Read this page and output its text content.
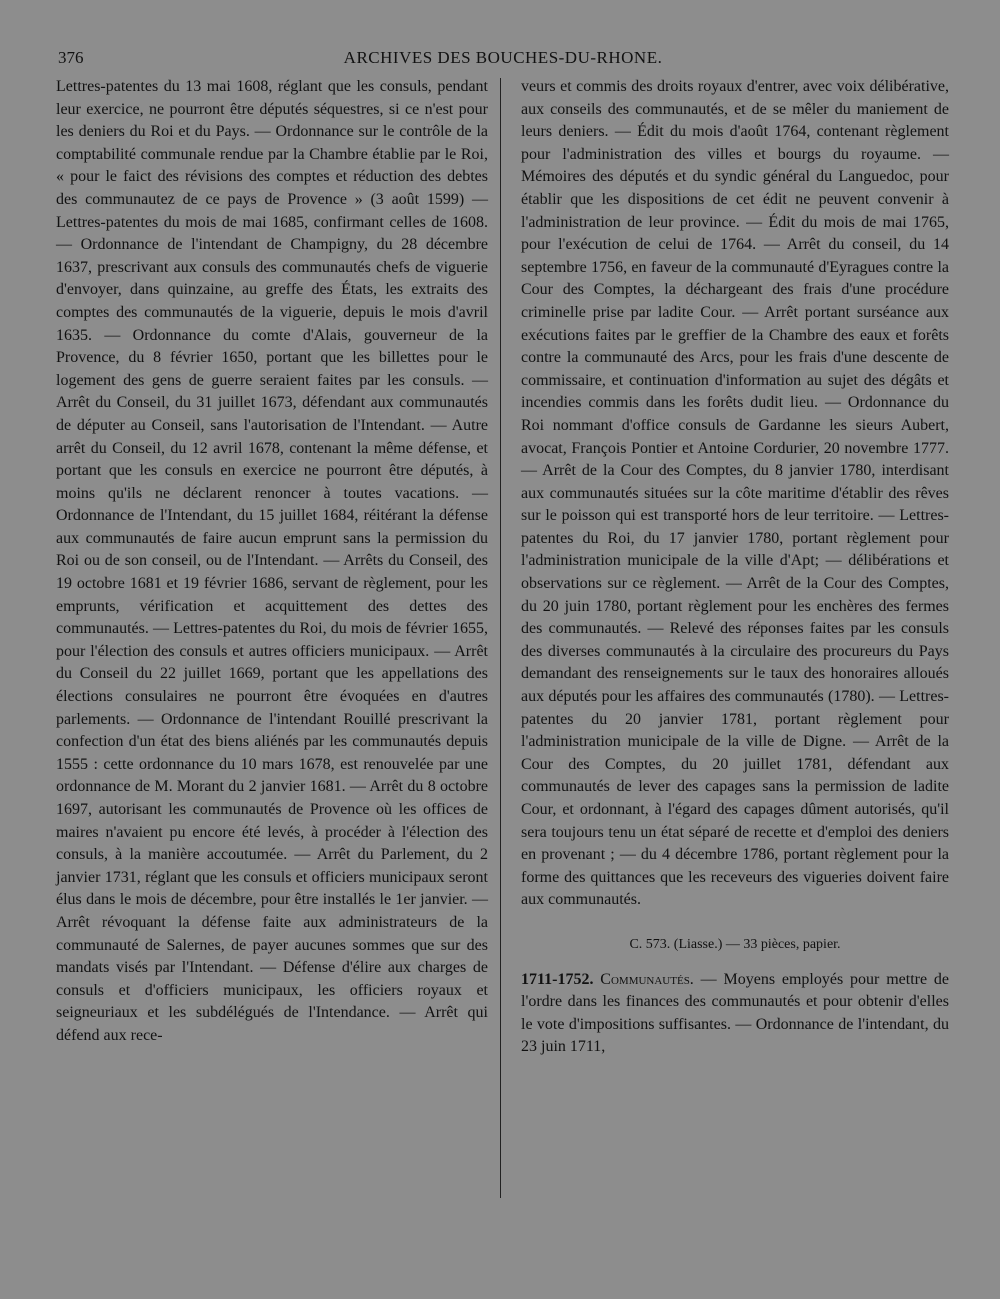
376	ARCHIVES DES BOUCHES-DU-RHONE.

Lettres-patentes du 13 mai 1608, réglant que les consuls, pendant leur exercice, ne pourront être députés séquestres, si ce n'est pour les deniers du Roi et du Pays. — Ordonnance sur le contrôle de la comptabilité communale rendue par la Chambre établie par le Roi, « pour le faict des révisions des comptes et réduction des debtes des communautez de ce pays de Provence » (3 août 1599) — Lettres-patentes du mois de mai 1685, confirmant celles de 1608. — Ordonnance de l'intendant de Champigny, du 28 décembre 1637, prescrivant aux consuls des communautés chefs de viguerie d'envoyer, dans quinzaine, au greffe des États, les extraits des comptes des communautés de la viguerie, depuis le mois d'avril 1635. — Ordonnance du comte d'Alais, gouverneur de la Provence, du 8 février 1650, portant que les billettes pour le logement des gens de guerre seraient faites par les consuls. — Arrêt du Conseil, du 31 juillet 1673, défendant aux communautés de députer au Conseil, sans l'autorisation de l'Intendant. — Autre arrêt du Conseil, du 12 avril 1678, contenant la même défense, et portant que les consuls en exercice ne pourront être députés, à moins qu'ils ne déclarent renoncer à toutes vacations. — Ordonnance de l'Intendant, du 15 juillet 1684, réitérant la défense aux communautés de faire aucun emprunt sans la permission du Roi ou de son conseil, ou de l'Intendant. — Arrêts du Conseil, des 19 octobre 1681 et 19 février 1686, servant de règlement, pour les emprunts, vérification et acquittement des dettes des communautés. — Lettres-patentes du Roi, du mois de février 1655, pour l'élection des consuls et autres officiers municipaux. — Arrêt du Conseil du 22 juillet 1669, portant que les appellations des élections consulaires ne pourront être évoquées en d'autres parlements. — Ordonnance de l'intendant Rouillé prescrivant la confection d'un état des biens aliénés par les communautés depuis 1555 : cette ordonnance du 10 mars 1678, est renouvelée par une ordonnance de M. Morant du 2 janvier 1681. — Arrêt du 8 octobre 1697, autorisant les communautés de Provence où les offices de maires n'avaient pu encore été levés, à procéder à l'élection des consuls, à la manière accoutumée. — Arrêt du Parlement, du 2 janvier 1731, réglant que les consuls et officiers municipaux seront élus dans le mois de décembre, pour être installés le 1er janvier. — Arrêt révoquant la défense faite aux administrateurs de la communauté de Salernes, de payer aucunes sommes que sur des mandats visés par l'Intendant. — Défense d'élire aux charges de consuls et d'officiers municipaux, les officiers royaux et seigneuriaux et les subdélégués de l'Intendance. — Arrêt qui défend aux rece-

veurs et commis des droits royaux d'entrer, avec voix délibérative, aux conseils des communautés, et de se mêler du maniement de leurs deniers. — Édit du mois d'août 1764, contenant règlement pour l'administration des villes et bourgs du royaume. — Mémoires des députés et du syndic général du Languedoc, pour établir que les dispositions de cet édit ne peuvent convenir à l'administration de leur province. — Édit du mois de mai 1765, pour l'exécution de celui de 1764. — Arrêt du conseil, du 14 septembre 1756, en faveur de la communauté d'Eyragues contre la Cour des Comptes, la déchargeant des frais d'une procédure criminelle prise par ladite Cour. — Arrêt portant surséance aux exécutions faites par le greffier de la Chambre des eaux et forêts contre la communauté des Arcs, pour les frais d'une descente de commissaire, et continuation d'information au sujet des dégâts et incendies commis dans les forêts dudit lieu. — Ordonnance du Roi nommant d'office consuls de Gardanne les sieurs Aubert, avocat, François Pontier et Antoine Cordurier, 20 novembre 1777. — Arrêt de la Cour des Comptes, du 8 janvier 1780, interdisant aux communautés situées sur la côte maritime d'établir des rêves sur le poisson qui est transporté hors de leur territoire. — Lettres-patentes du Roi, du 17 janvier 1780, portant règlement pour l'administration municipale de la ville d'Apt; — délibérations et observations sur ce règlement. — Arrêt de la Cour des Comptes, du 20 juin 1780, portant règlement pour les enchères des fermes des communautés. — Relevé des réponses faites par les consuls des diverses communautés à la circulaire des procureurs du Pays demandant des renseignements sur le taux des honoraires alloués aux députés pour les affaires des communautés (1780). — Lettres-patentes du 20 janvier 1781, portant règlement pour l'administration municipale de la ville de Digne. — Arrêt de la Cour des Comptes, du 20 juillet 1781, défendant aux communautés de lever des capages sans la permission de ladite Cour, et ordonnant, à l'égard des capages dûment autorisés, qu'il sera toujours tenu un état séparé de recette et d'emploi des deniers en provenant ; — du 4 décembre 1786, portant règlement pour la forme des quittances que les receveurs des vigueries doivent faire aux communautés.

C. 573. (Liasse.) — 33 pièces, papier.

1711-1752. Communautés. — Moyens employés pour mettre de l'ordre dans les finances des communautés et pour obtenir d'elles le vote d'impositions suffisantes. — Ordonnance de l'intendant, du 23 juin 1711,
